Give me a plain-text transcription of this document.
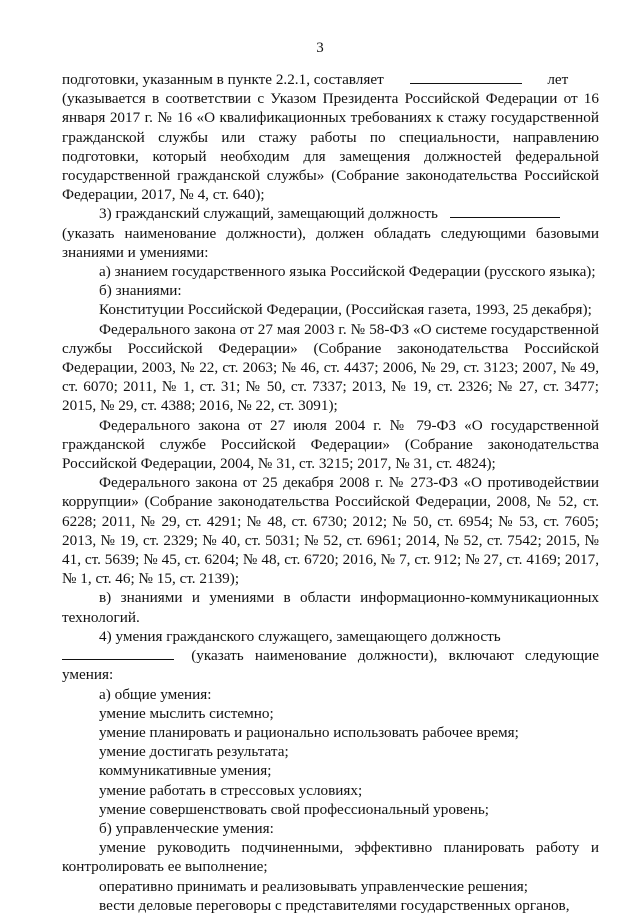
3

подготовки, указанным в пункте 2.2.1, составляет	лет

(указывается в соответствии с Указом Президента Российской Федерации от 16 января 2017 г. № 16 «О квалификационных требованиях к стажу государственной гражданской службы или стажу работы по специальности, направлению подготовки, который необходим для замещения должностей федеральной государственной гражданской службы» (Собрание законодательства Российской Федерации, 2017, № 4, ст. 640);

3) гражданский служащий, замещающий должность

(указать наименование должности), должен обладать следующими базовыми знаниями и умениями:

а) знанием государственного языка Российской Федерации (русского языка);

б) знаниями:

Конституции Российской Федерации, (Российская газета, 1993, 25 декабря);

Федерального закона от 27 мая 2003 г. № 58-ФЗ «О системе государственной службы Российской Федерации» (Собрание законодательства Российской Федерации, 2003, № 22, ст. 2063; № 46, ст. 4437; 2006, № 29, ст. 3123; 2007, № 49, ст. 6070; 2011, № 1, ст. 31; № 50, ст. 7337; 2013, № 19, ст. 2326; № 27, ст. 3477; 2015, № 29, ст. 4388; 2016, № 22, ст. 3091);

Федерального закона от 27 июля 2004 г. № 79-ФЗ «О государственной гражданской службе Российской Федерации» (Собрание законодательства Российской Федерации, 2004, № 31, ст. 3215; 2017, № 31, ст. 4824);

Федерального закона от 25 декабря 2008 г. № 273-ФЗ «О противодействии коррупции» (Собрание законодательства Российской Федерации, 2008, № 52, ст. 6228; 2011, № 29, ст. 4291; № 48, ст. 6730; 2012; № 50, ст. 6954; № 53, ст. 7605; 2013, № 19, ст. 2329; № 40, ст. 5031; № 52, ст. 6961; 2014, № 52, ст. 7542; 2015, № 41, ст. 5639; № 45, ст. 6204; № 48, ст. 6720; 2016, № 7, ст. 912; № 27, ст. 4169; 2017, № 1, ст. 46; № 15, ст. 2139);

в) знаниями и умениями в области информационно-коммуникационных технологий.

4) умения гражданского служащего, замещающего должность

(указать наименование должности), включают следующие умения:

а) общие умения:

умение мыслить системно;

умение планировать и рационально использовать рабочее время;

умение достигать результата;

коммуникативные умения;

умение работать в стрессовых условиях;

умение совершенствовать свой профессиональный уровень;

б) управленческие умения:

умение руководить подчиненными, эффективно планировать работу и контролировать ее выполнение;

оперативно принимать и реализовывать управленческие решения;

вести деловые переговоры с представителями государственных органов,
